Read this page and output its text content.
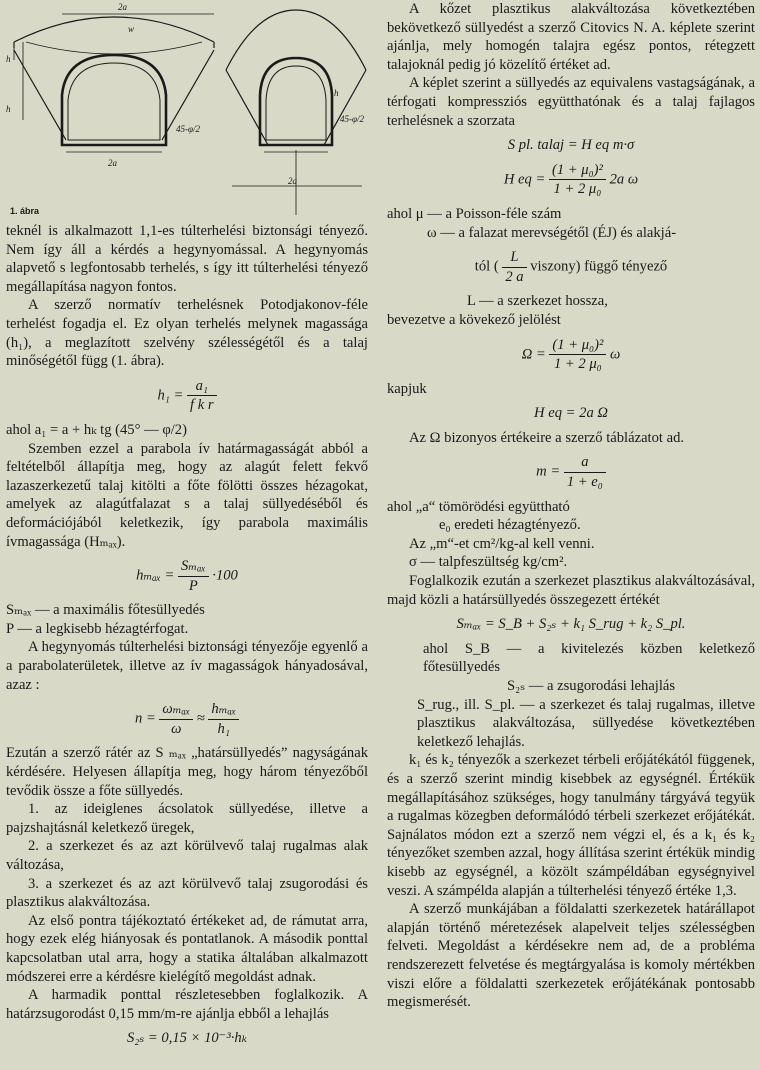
2a
w
h
h
45-φ/2
2a
2a
45-φ/2
h
1. ábra

teknél is alkalmazott 1,1-es túlterhelési biztonsági tényező. Nem így áll a kérdés a hegynyomással. A hegynyomás alapvető s legfontosabb terhelés, s így itt túlterhelési tényező megállapítása nagyon fontos.

A szerző normatív terhelésnek Potodjakonov-féle terhelést fogadja el. Ez olyan terhelés melynek magassága (h₁), a meglazított szelvény szélességétől és a talaj minőségétől függ (1. ábra).

$h_1 = \frac{\text{a₁}}{\text{f k r}}$

ahol a₁ = a + hₖ tg (45° — φ/2)

Szemben ezzel a parabola ív határmagasságát abból a feltételből állapítja meg, hogy az alagút felett fekvő lazaszerkezetű talaj kitölti a főte fölötti összes hézagokat, amelyek az alagútfalazat s a talaj süllyedéséből és deformációjából keletkezik, így parabola maximális ívmagassága (Hₘₐₓ).

$h_{max} = \frac{\text{Sₘₐₓ}}{P} \cdot 100$

Sₘₐₓ — a maximális főtesüllyedés

P — a legkisebb hézagtérfogat.

A hegynyomás túlterhelési biztonsági tényezője egyenlő a a parabolaterületek, illetve az ív magasságok hányadosával, azaz :

$n = \frac{\text{ωₘₐₓ}}{\omega} \approx \frac{\text{hₘₐₓ}}{\text{h₁}}$

Ezután a szerző rátér az S ₘₐₓ „határsüllyedés” nagyságának kérdésére. Helyesen állapítja meg, hogy három tényezőből tevődik össze a főte süllyedés.

1. az ideiglenes ácsolatok süllyedése, illetve a pajzshajtásnál keletkező üregek,

2. a szerkezet és az azt körülvevő talaj rugalmas alak változása,

3. a szerkezet és az azt körülvevő talaj zsugorodási és plasztikus alakváltozása.

Az első pontra tájékoztató értékeket ad, de rámutat arra, hogy ezek elég hiányosak és pontatlanok. A második ponttal kapcsolatban utal arra, hogy a statika általában alkalmazott módszerei erre a kérdésre kielégítő megoldást adnak.

A harmadik ponttal részletesebben foglalkozik. A határzsugorodást 0,15 mm/m-re ajánlja ebből a lehajlás

S₂ₛ = 0,15 × 10⁻³·hₖ

A kőzet plasztikus alakváltozása következtében bekövetkező süllyedést a szerző Citovics N. A. képlete szerint ajánlja, mely homogén talajra egész pontos, rétegzett talajoknál pedig jó közelítő értéket ad.

A képlet szerint a süllyedés az equivalens vastagságának, a térfogati kompressziós együtthatónak és a talaj fajlagos terhelésnek a szorzata

S pl. talaj = H eq m·σ
H eq = $\frac{\text{(1 + μ₀)²}}{\text{1 + 2 μ₀}} 2a$ ω

ahol μ — a Poisson-féle szám

ω — a falazat merevségétől (ÉJ) és alakjá-

tól ( $\frac{L}{2 a}$ viszony) függő tényező

L — a szerkezet hossza,

bevezetve a kövekező jelölést

$\Omega = \frac{\text{(1 + μ₀)²}}{\text{1 + 2 μ₀}}$ ω

kapjuk

H eq = 2a Ω

Az Ω bizonyos értékeire a szerző táblázatot ad.

$m = \frac{a}{\text{1 + e₀}}$

ahol „a“ tömörödési együttható

e₀ eredeti hézagtényező.

Az „m“-et cm²/kg-al kell venni.

σ — talpfeszültség kg/cm².

Foglalkozik ezután a szerkezet plasztikus alakváltozásával, majd közli a határsüllyedés összegezett értékét

Sₘₐₓ = S_B + S₂ₛ + k₁ S_rug + k₂ S_pl.

ahol S_B — a kivitelezés közben keletkező főtesüllyedés

S₂ₛ — a zsugorodási lehajlás

S_rug., ill. S_pl. — a szerkezet és talaj rugalmas, illetve plasztikus alakváltozása, süllyedése következtében keletkező lehajlás.

k₁ és k₂ tényezők a szerkezet térbeli erőjátékától függenek, és a szerző szerint mindig kisebbek az egységnél. Értékük megállapításához szükséges, hogy tanulmány tárgyává tegyük a rugalmas közegben deformálódó térbeli szerkezet erőjátékát. Sajnálatos módon ezt a szerző nem végzi el, és a k₁ és k₂ tényezőket szemben azzal, hogy állítása szerint értékük mindig kisebb az egységnél, a közölt számpéldában egységnyivel veszi. A számpélda alapján a túlterhelési tényező értéke 1,3.

A szerző munkájában a földalatti szerkezetek határállapot alapján történő méretezések alapelveit teljes szélességben felveti. Megoldást a kérdésekre nem ad, de a probléma rendszerezett felvetése és megtárgyalása is komoly mértékben viszi előre a földalatti szerkezetek erőjátékának pontosabb megismerését.
